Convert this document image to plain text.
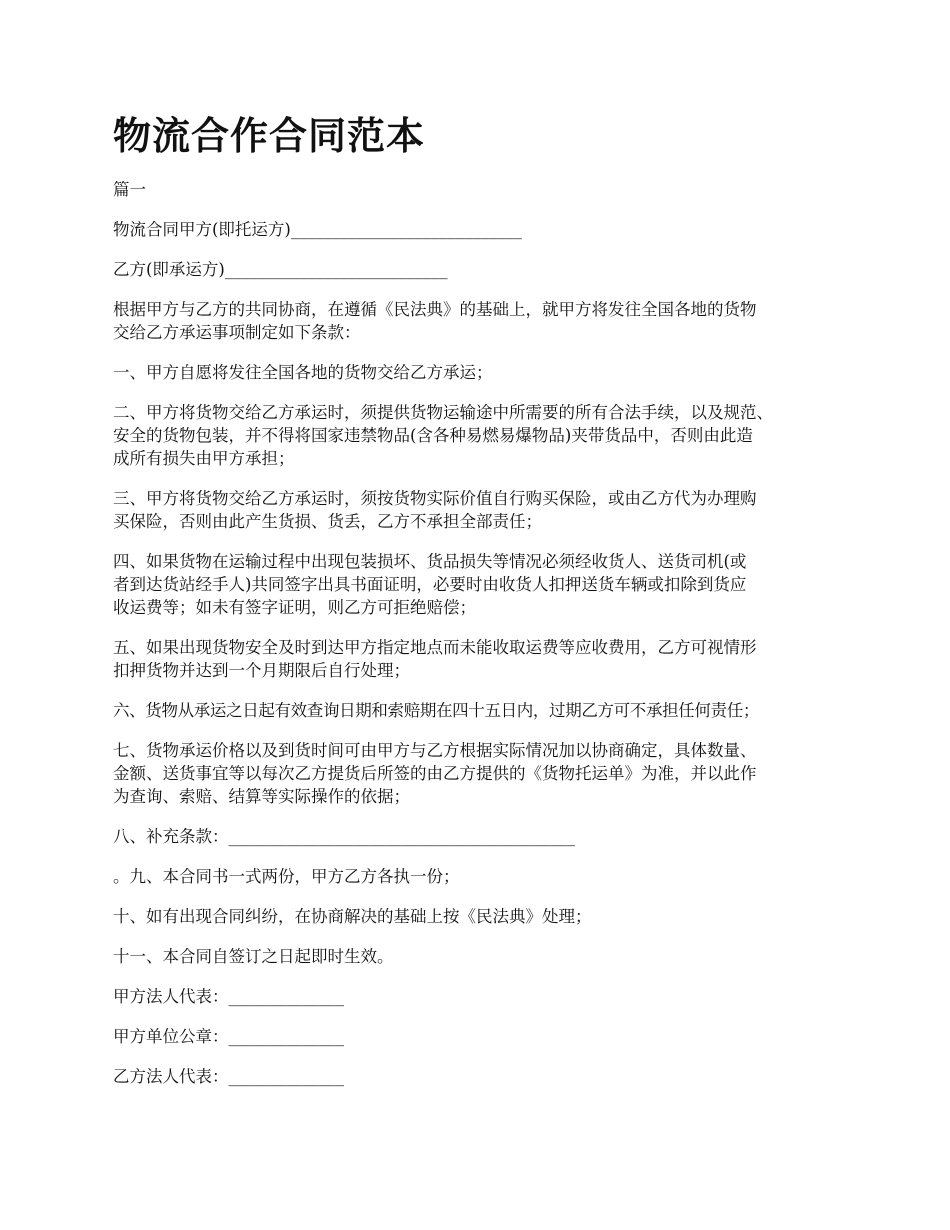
物流合作合同范本

篇一

物流合同甲方(即托运方)____________________________

乙方(即承运方)___________________________

根据甲方与乙方的共同协商，在遵循《民法典》的基础上，就甲方将发往全国各地的货物
交给乙方承运事项制定如下条款：

一、甲方自愿将发往全国各地的货物交给乙方承运；

二、甲方将货物交给乙方承运时，须提供货物运输途中所需要的所有合法手续，以及规范、
安全的货物包装，并不得将国家违禁物品(含各种易燃易爆物品)夹带货品中，否则由此造
成所有损失由甲方承担；

三、甲方将货物交给乙方承运时，须按货物实际价值自行购买保险，或由乙方代为办理购
买保险，否则由此产生货损、货丢，乙方不承担全部责任；

四、如果货物在运输过程中出现包装损坏、货品损失等情况必须经收货人、送货司机(或
者到达货站经手人)共同签字出具书面证明，必要时由收货人扣押送货车辆或扣除到货应
收运费等；如未有签字证明，则乙方可拒绝赔偿；

五、如果出现货物安全及时到达甲方指定地点而未能收取运费等应收费用，乙方可视情形
扣押货物并达到一个月期限后自行处理；

六、货物从承运之日起有效查询日期和索赔期在四十五日内，过期乙方可不承担任何责任；

七、货物承运价格以及到货时间可由甲方与乙方根据实际情况加以协商确定，具体数量、
金额、送货事宜等以每次乙方提货后所签的由乙方提供的《货物托运单》为准，并以此作
为查询、索赔、结算等实际操作的依据；

八、补充条款：__________________________________________

。九、本合同书一式两份，甲方乙方各执一份；

十、如有出现合同纠纷，在协商解决的基础上按《民法典》处理；

十一、本合同自签订之日起即时生效。

甲方法人代表：______________

甲方单位公章：______________

乙方法人代表：______________
